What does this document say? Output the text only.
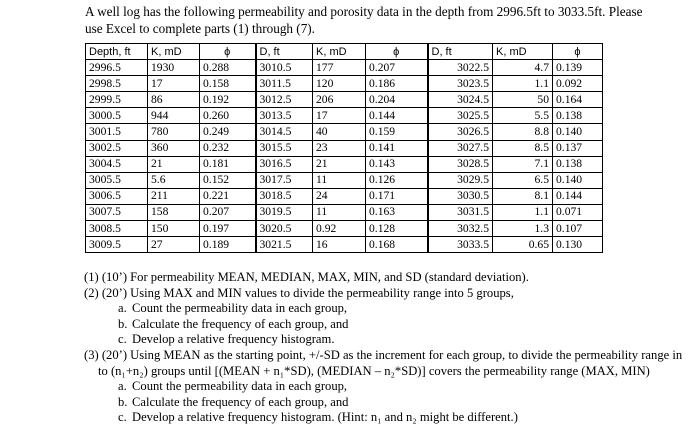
A well log has the following permeability and porosity data in the depth from 2996.5ft to 3033.5ft. Please use Excel to complete parts (1) through (7).
Depth, ft	K, mD	ϕ	D, ft	K, mD	ϕ	D, ft	K, mD	ϕ
2996.5	1930	0.288	3010.5	177	0.207	3022.5	4.7	0.139
2998.5	17	0.158	3011.5	120	0.186	3023.5	1.1	0.092
2999.5	86	0.192	3012.5	206	0.204	3024.5	50	0.164
3000.5	944	0.260	3013.5	17	0.144	3025.5	5.5	0.138
3001.5	780	0.249	3014.5	40	0.159	3026.5	8.8	0.140
3002.5	360	0.232	3015.5	23	0.141	3027.5	8.5	0.137
3004.5	21	0.181	3016.5	21	0.143	3028.5	7.1	0.138
3005.5	5.6	0.152	3017.5	11	0.126	3029.5	6.5	0.140
3006.5	211	0.221	3018.5	24	0.171	3030.5	8.1	0.144
3007.5	158	0.207	3019.5	11	0.163	3031.5	1.1	0.071
3008.5	150	0.197	3020.5	0.92	0.128	3032.5	1.3	0.107
3009.5	27	0.189	3021.5	16	0.168	3033.5	0.65	0.130
(1) (10’) For permeability MEAN, MEDIAN, MAX, MIN, and SD (standard deviation).
(2) (20’) Using MAX and MIN values to divide the permeability range into 5 groups,
a. Count the permeability data in each group,
b. Calculate the frequency of each group, and
c. Develop a relative frequency histogram.
(3) (20’) Using MEAN as the starting point, +/-SD as the increment for each group, to divide the permeability range in to (n₁+n₂) groups until [(MEAN + n₁*SD), (MEDIAN – n₂*SD)] covers the permeability range (MAX, MIN)
a. Count the permeability data in each group,
b. Calculate the frequency of each group, and
c. Develop a relative frequency histogram. (Hint: n₁ and n₂ might be different.)
